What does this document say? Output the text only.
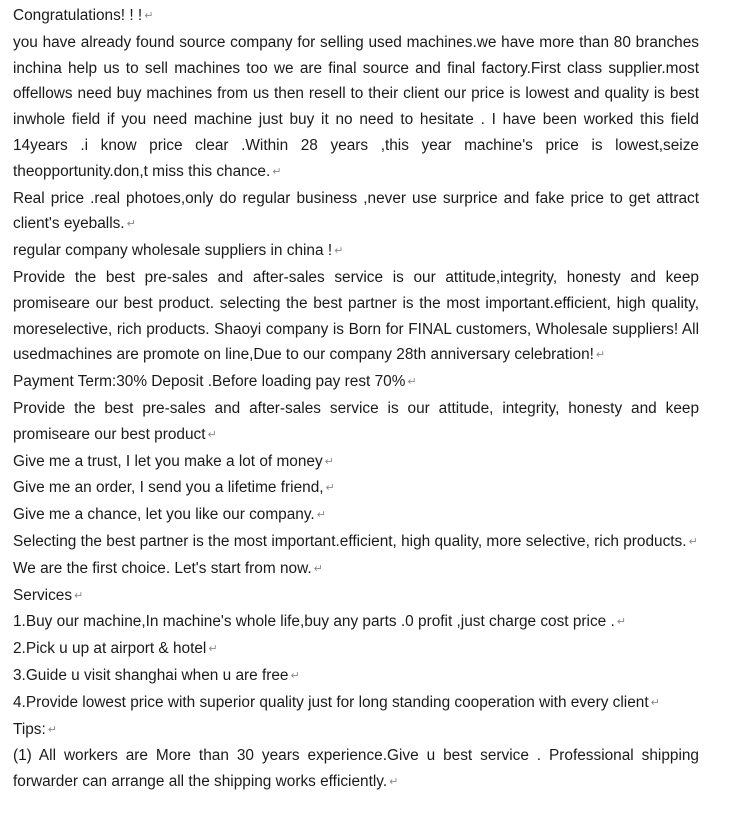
Congratulations! ! ! ↵

you have already found source company for selling used machines.we have more than 80 branches inchina help us to sell machines too we are final source and final factory.First class supplier.most offellows need buy machines from us then resell to their client our price is lowest and quality is best inwhole field if you need machine just buy it no need to hesitate . I have been worked this field 14years .i know price clear .Within 28 years ,this year machine's price is lowest,seize theopportunity.don,t miss this chance. ↵

Real price .real photoes,only do regular business ,never use surprice and fake price to get attract client's eyeballs. ↵

regular company wholesale suppliers in china ! ↵

Provide the best pre-sales and after-sales service is our attitude,integrity, honesty and keep promiseare our best product. selecting the best partner is the most important.efficient, high quality, moreselective, rich products. Shaoyi company is Born for FINAL customers, Wholesale suppliers! All usedmachines are promote on line,Due to our company 28th anniversary celebration! ↵

Payment Term:30% Deposit .Before loading pay rest 70% ↵

Provide the best pre-sales and after-sales service is our attitude, integrity, honesty and keep promiseare our best product ↵

Give me a trust, I let you make a lot of money ↵

Give me an order, I send you a lifetime friend, ↵

Give me a chance, let you like our company. ↵

Selecting the best partner is the most important.efficient, high quality, more selective, rich products. ↵

We are the first choice. Let's start from now. ↵

Services ↵

1.Buy our machine,In machine's whole life,buy any parts .0 profit ,just charge cost price . ↵

2.Pick u up at airport & hotel ↵

3.Guide u visit shanghai when u are free ↵

4.Provide lowest price with superior quality just for long standing cooperation with every client ↵

Tips: ↵

(1) All workers are More than 30 years experience.Give u best service . Professional shipping forwarder can arrange all the shipping works efficiently. ↵
